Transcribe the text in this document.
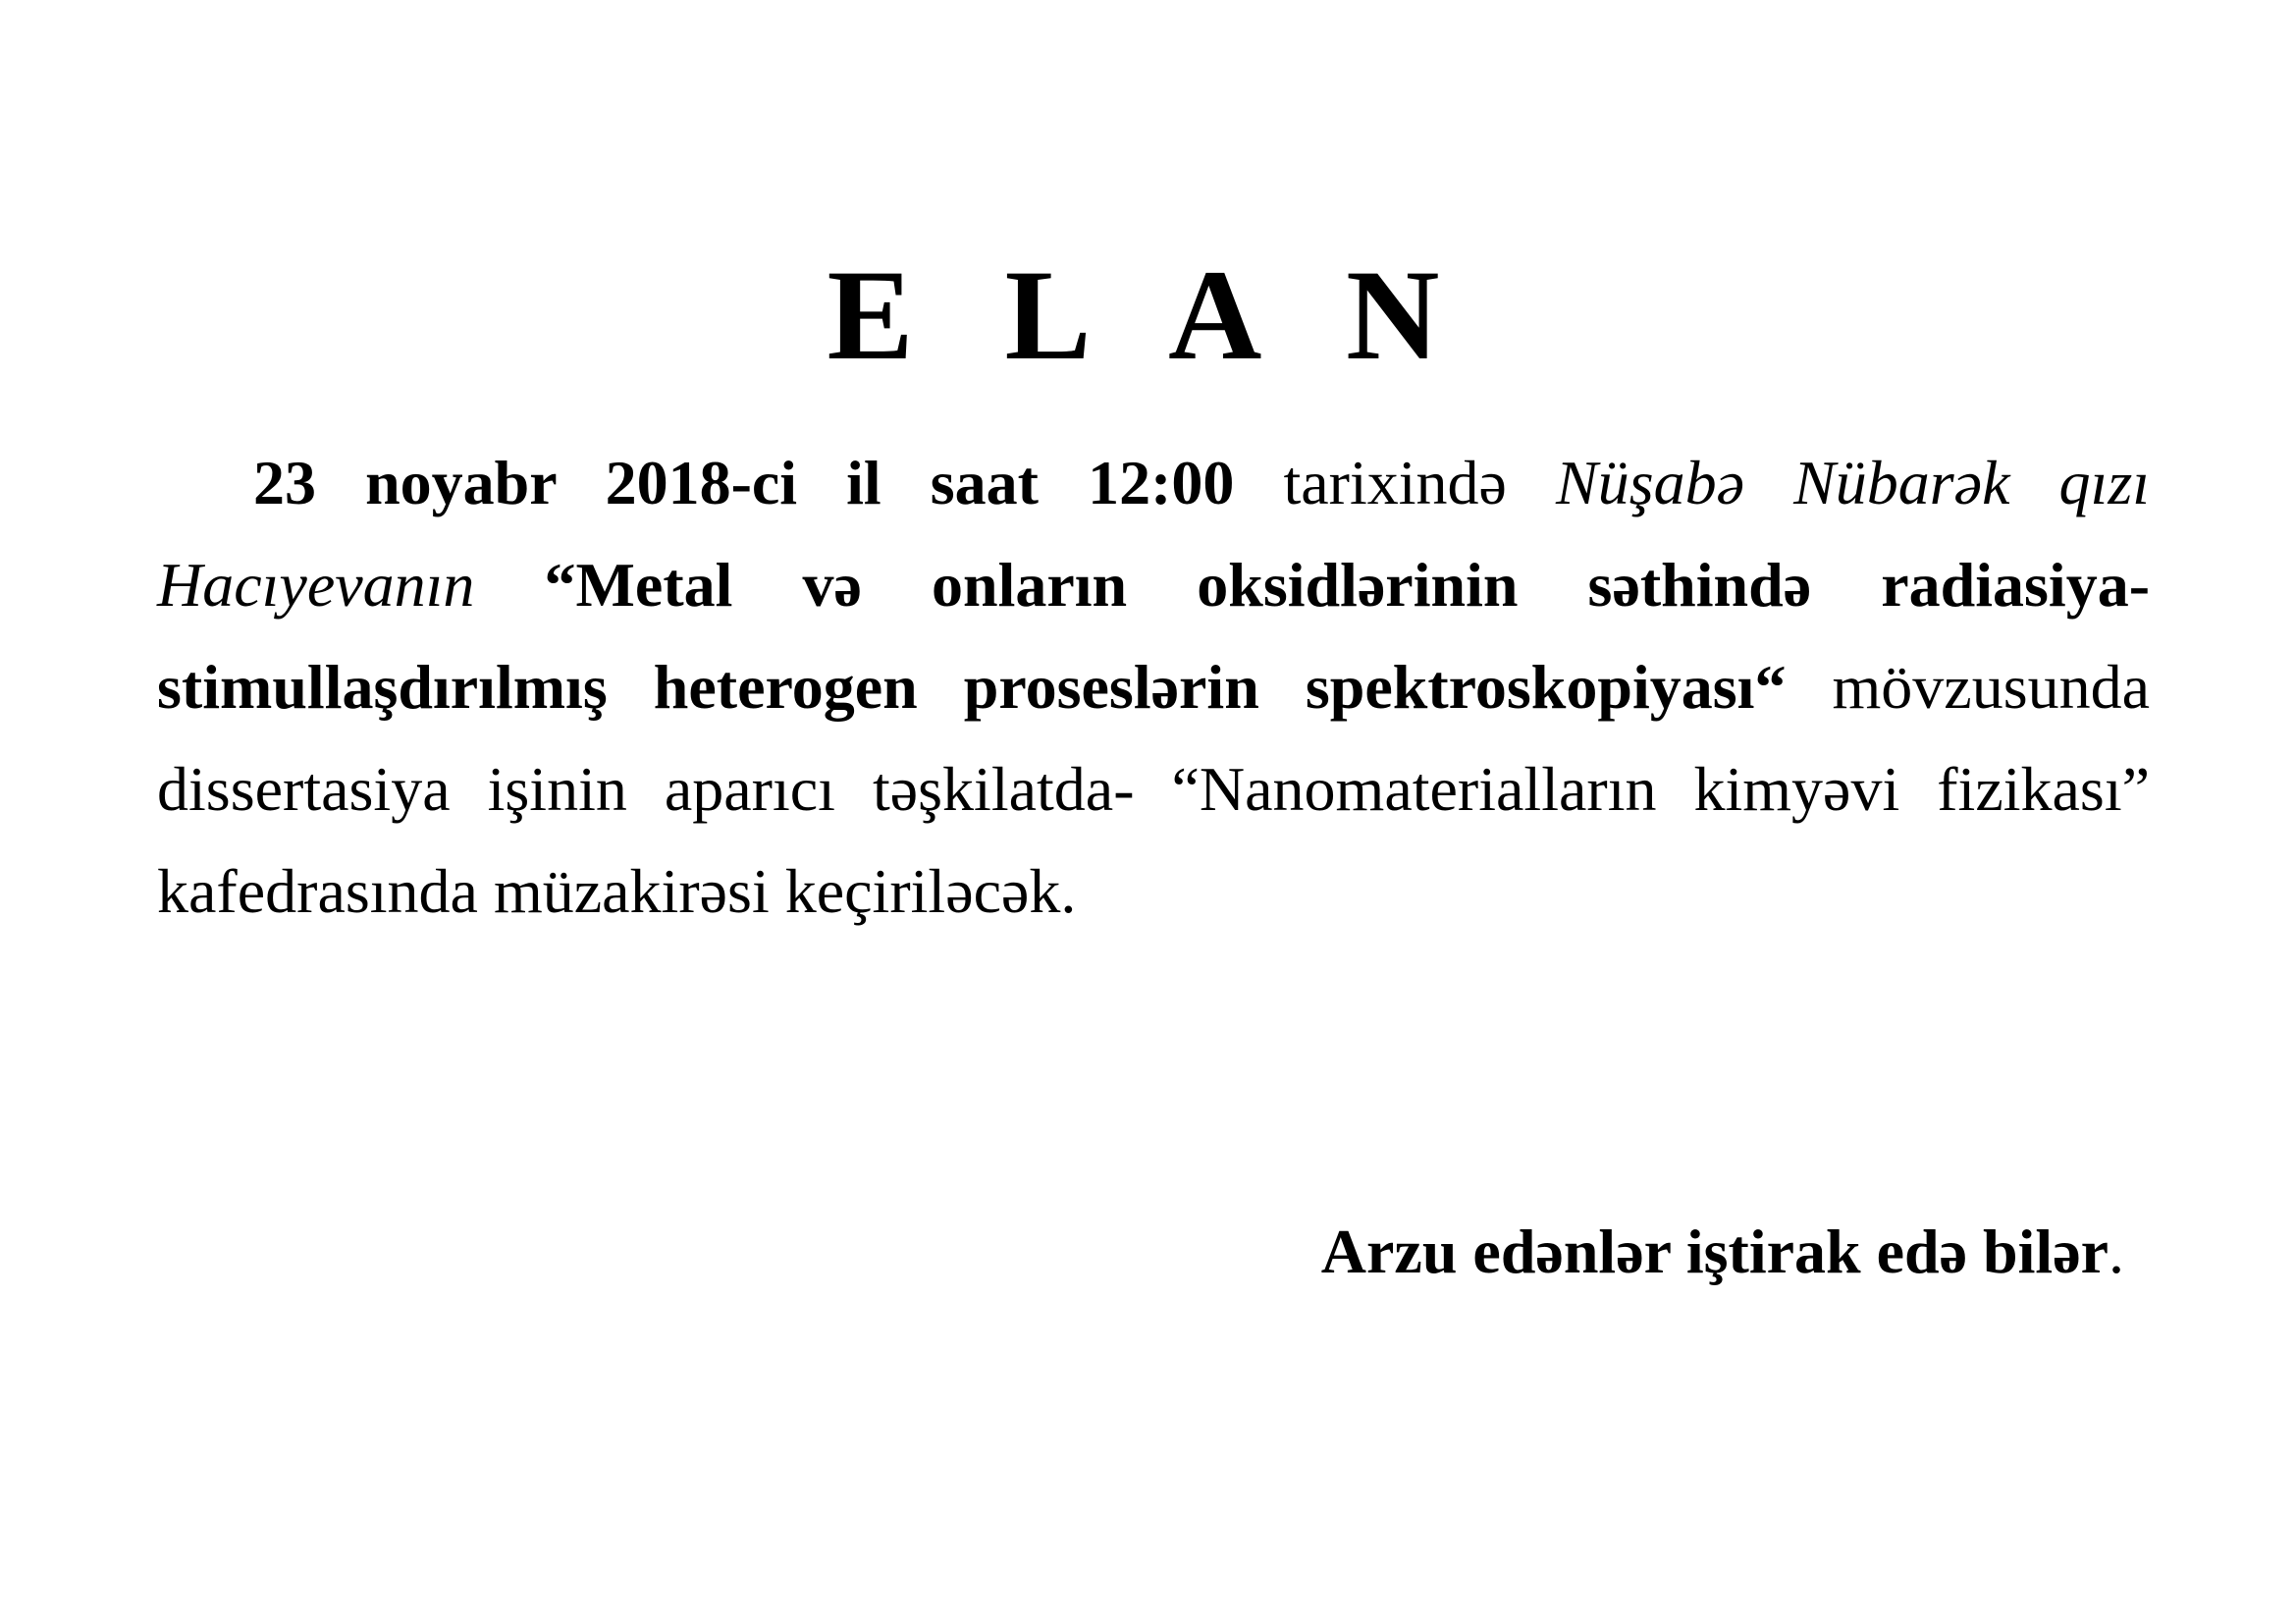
E L A N

23 noyabr 2018-ci il saat 12:00 tarixində Nüşabə Nübarək qızı Hacıyevanın “Metal və onların oksidlərinin səthində radiasiya-stimullaşdırılmış heterogen proseslərin spektroskopiyası“ mövzusunda dissertasiya işinin aparıcı təşkilatda- “Nanomaterialların kimyəvi fizikası” kafedrasında müzakirəsi keçiriləcək.

Arzu edənlər iştirak edə bilər.
